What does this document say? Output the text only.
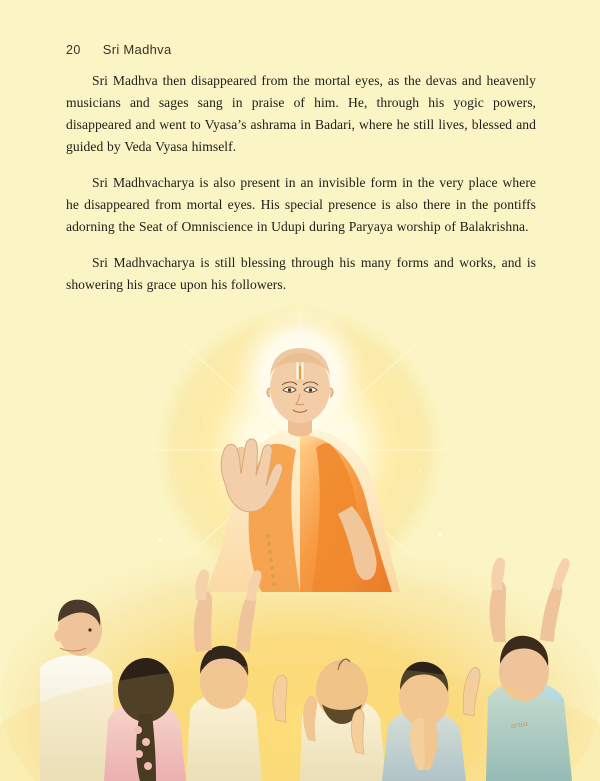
20 Sri Madhva

Sri Madhva then disappeared from the mortal eyes, as the devas and heavenly musicians and sages sang in praise of him. He, through his yogic powers, disappeared and went to Vyasa’s ashrama in Badari, where he still lives, blessed and guided by Veda Vyasa himself.

Sri Madhvacharya is also present in an invisible form in the very place where he disappeared from mortal eyes. His special presence is also there in the pontiffs adorning the Seat of Omniscience in Udupi during Paryaya worship of Balakrishna.

Sri Madhvacharya is still blessing through his many forms and works, and is showering his grace upon his followers.

artist
